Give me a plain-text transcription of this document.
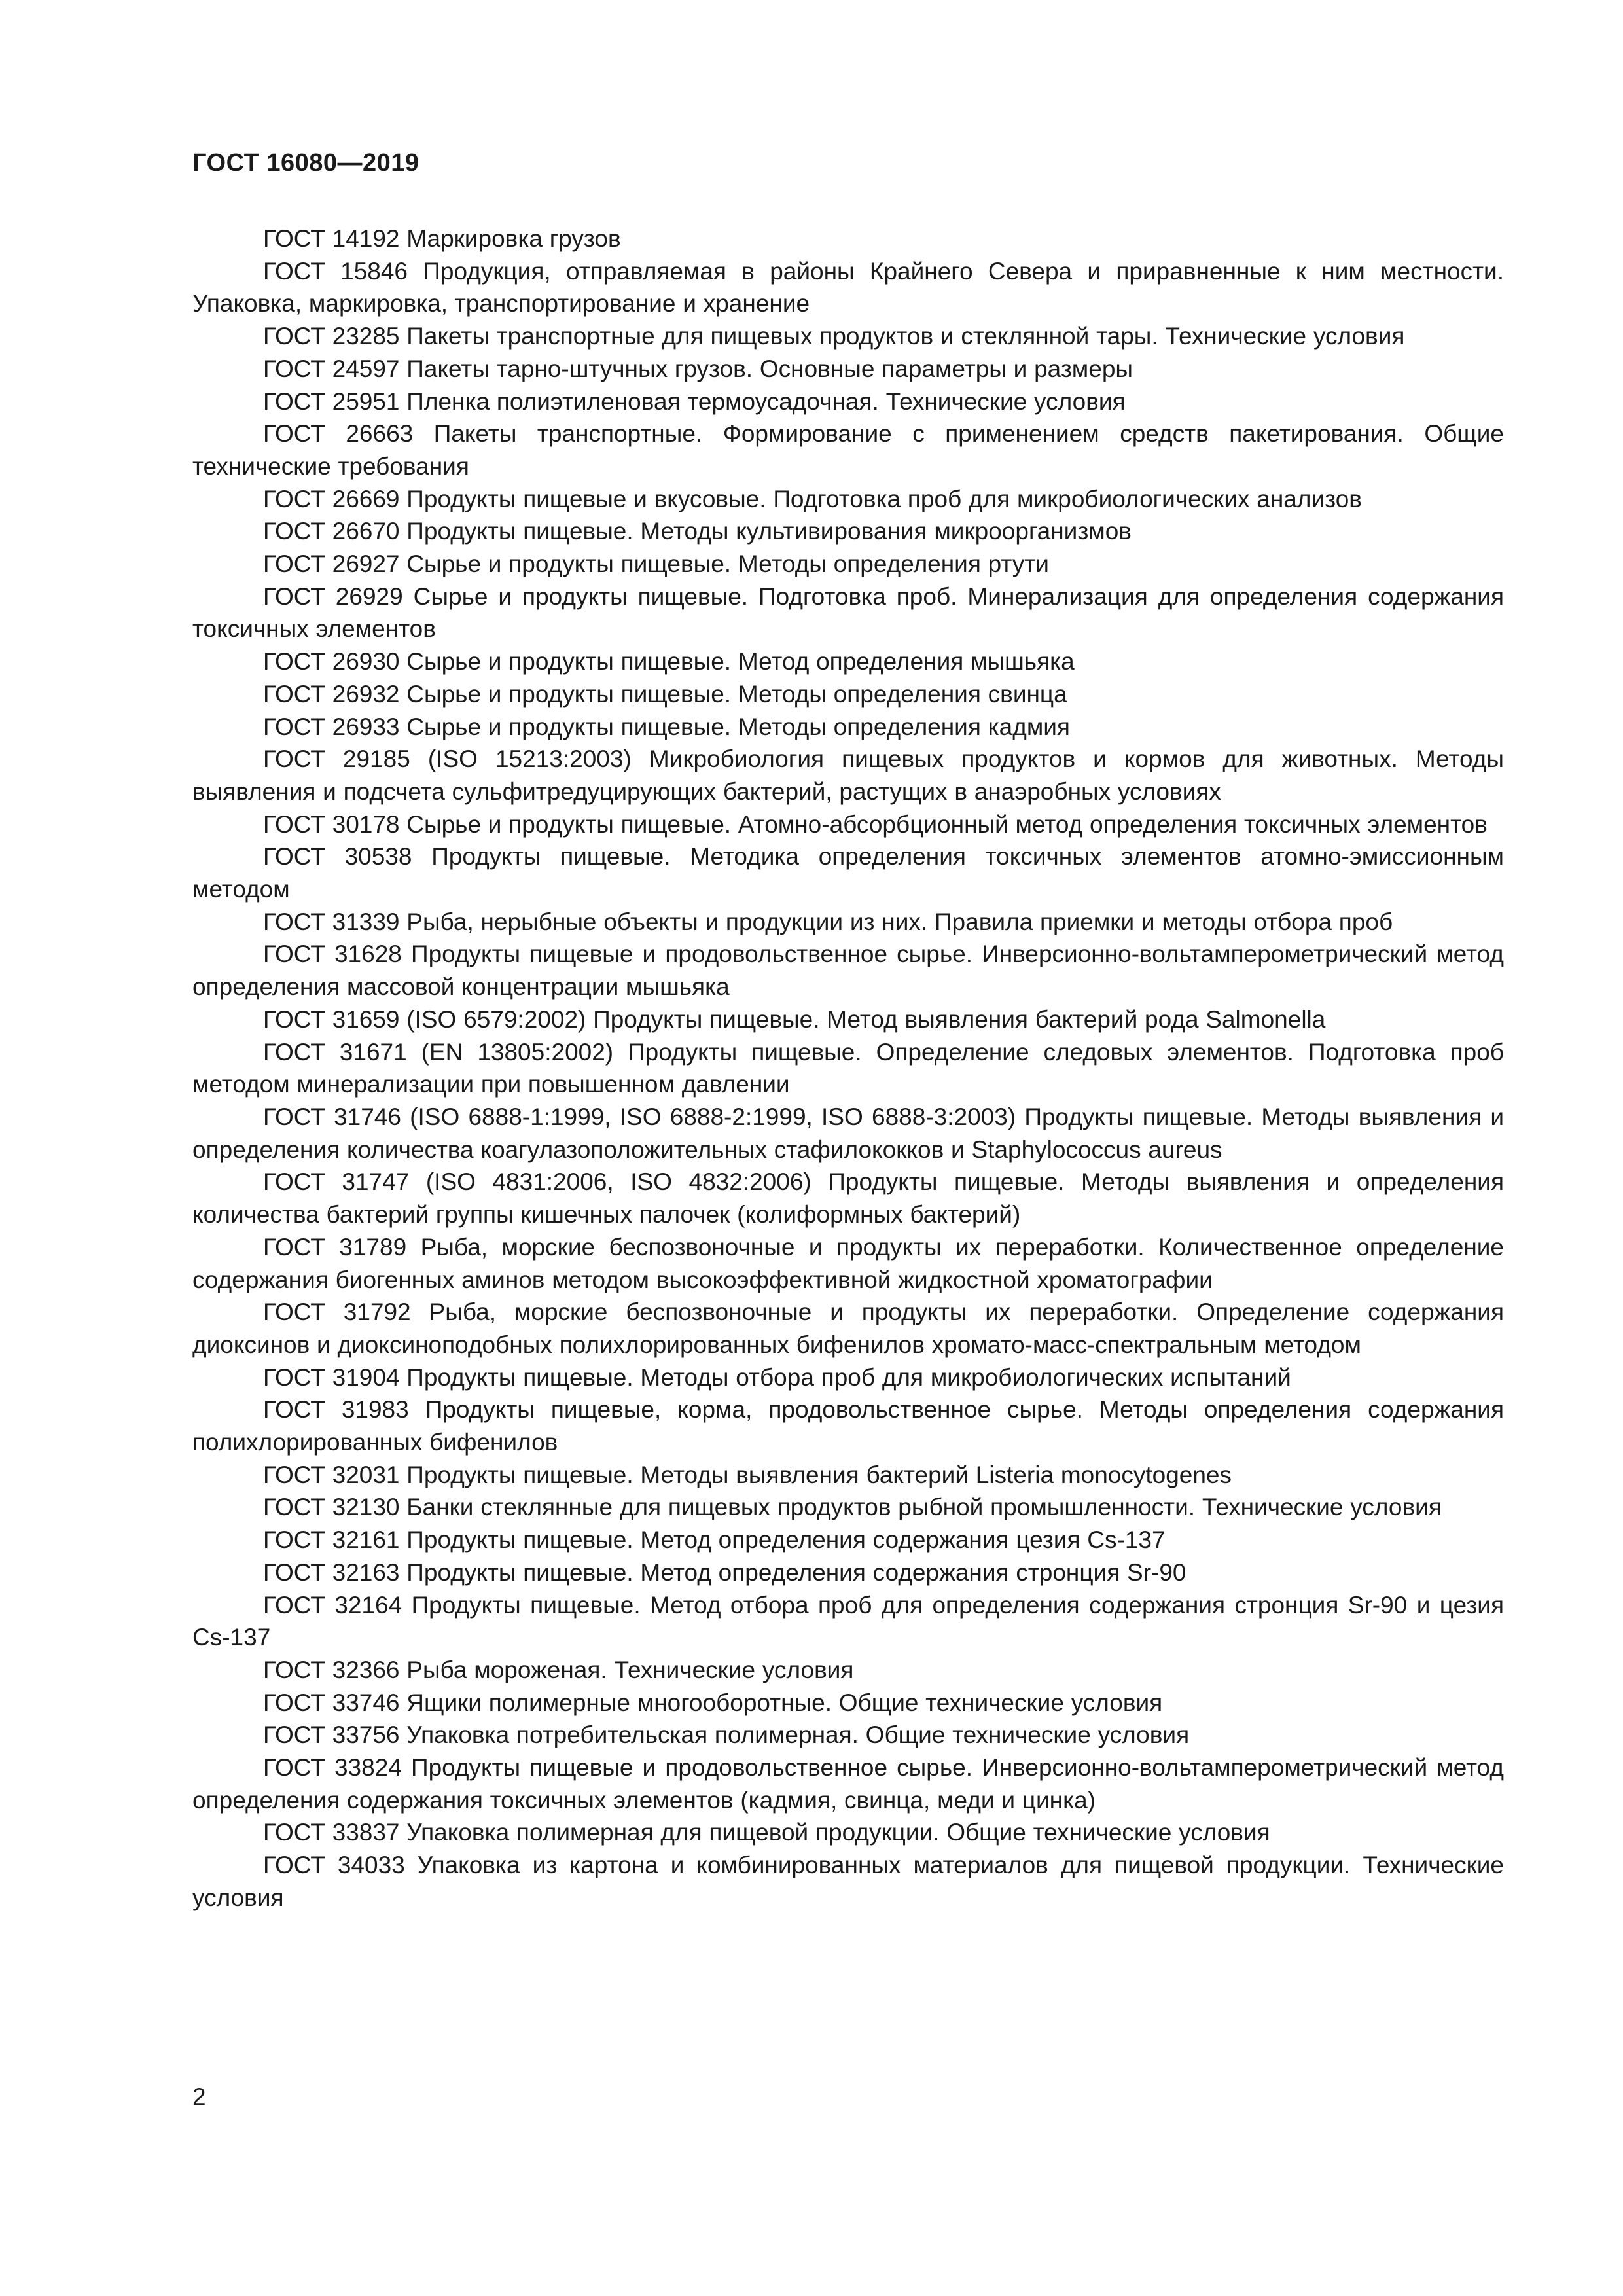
ГОСТ 16080—2019
ГОСТ 14192 Маркировка грузов
ГОСТ 15846 Продукция, отправляемая в районы Крайнего Севера и приравненные к ним местности. Упаковка, маркировка, транспортирование и хранение
ГОСТ 23285 Пакеты транспортные для пищевых продуктов и стеклянной тары. Технические условия
ГОСТ 24597 Пакеты тарно-штучных грузов. Основные параметры и размеры
ГОСТ 25951 Пленка полиэтиленовая термоусадочная. Технические условия
ГОСТ 26663 Пакеты транспортные. Формирование с применением средств пакетирования. Общие технические требования
ГОСТ 26669 Продукты пищевые и вкусовые. Подготовка проб для микробиологических анализов
ГОСТ 26670 Продукты пищевые. Методы культивирования микроорганизмов
ГОСТ 26927 Сырье и продукты пищевые. Методы определения ртути
ГОСТ 26929 Сырье и продукты пищевые. Подготовка проб. Минерализация для определения содержания токсичных элементов
ГОСТ 26930 Сырье и продукты пищевые. Метод определения мышьяка
ГОСТ 26932 Сырье и продукты пищевые. Методы определения свинца
ГОСТ 26933 Сырье и продукты пищевые. Методы определения кадмия
ГОСТ 29185 (ISO 15213:2003) Микробиология пищевых продуктов и кормов для животных. Методы выявления и подсчета сульфитредуцирующих бактерий, растущих в анаэробных условиях
ГОСТ 30178 Сырье и продукты пищевые. Атомно-абсорбционный метод определения токсичных элементов
ГОСТ 30538 Продукты пищевые. Методика определения токсичных элементов атомно-эмиссионным методом
ГОСТ 31339 Рыба, нерыбные объекты и продукции из них. Правила приемки и методы отбора проб
ГОСТ 31628 Продукты пищевые и продовольственное сырье. Инверсионно-вольтамперометрический метод определения массовой концентрации мышьяка
ГОСТ 31659 (ISO 6579:2002) Продукты пищевые. Метод выявления бактерий рода Salmonella
ГОСТ 31671 (EN 13805:2002) Продукты пищевые. Определение следовых элементов. Подготовка проб методом минерализации при повышенном давлении
ГОСТ 31746 (ISO 6888-1:1999, ISO 6888-2:1999, ISO 6888-3:2003) Продукты пищевые. Методы выявления и определения количества коагулазоположительных стафилококков и Staphylococcus aureus
ГОСТ 31747 (ISO 4831:2006, ISO 4832:2006) Продукты пищевые. Методы выявления и определения количества бактерий группы кишечных палочек (колиформных бактерий)
ГОСТ 31789 Рыба, морские беспозвоночные и продукты их переработки. Количественное определение содержания биогенных аминов методом высокоэффективной жидкостной хроматографии
ГОСТ 31792 Рыба, морские беспозвоночные и продукты их переработки. Определение содержания диоксинов и диоксиноподобных полихлорированных бифенилов хромато-масс-спектральным методом
ГОСТ 31904 Продукты пищевые. Методы отбора проб для микробиологических испытаний
ГОСТ 31983 Продукты пищевые, корма, продовольственное сырье. Методы определения содержания полихлорированных бифенилов
ГОСТ 32031 Продукты пищевые. Методы выявления бактерий Listeria monocytogenes
ГОСТ 32130 Банки стеклянные для пищевых продуктов рыбной промышленности. Технические условия
ГОСТ 32161 Продукты пищевые. Метод определения содержания цезия Cs-137
ГОСТ 32163 Продукты пищевые. Метод определения содержания стронция Sr-90
ГОСТ 32164 Продукты пищевые. Метод отбора проб для определения содержания стронция Sr-90 и цезия Cs-137
ГОСТ 32366 Рыба мороженая. Технические условия
ГОСТ 33746 Ящики полимерные многооборотные. Общие технические условия
ГОСТ 33756 Упаковка потребительская полимерная. Общие технические условия
ГОСТ 33824 Продукты пищевые и продовольственное сырье. Инверсионно-вольтамперометрический метод определения содержания токсичных элементов (кадмия, свинца, меди и цинка)
ГОСТ 33837 Упаковка полимерная для пищевой продукции. Общие технические условия
ГОСТ 34033 Упаковка из картона и комбинированных материалов для пищевой продукции. Технические условия

2
